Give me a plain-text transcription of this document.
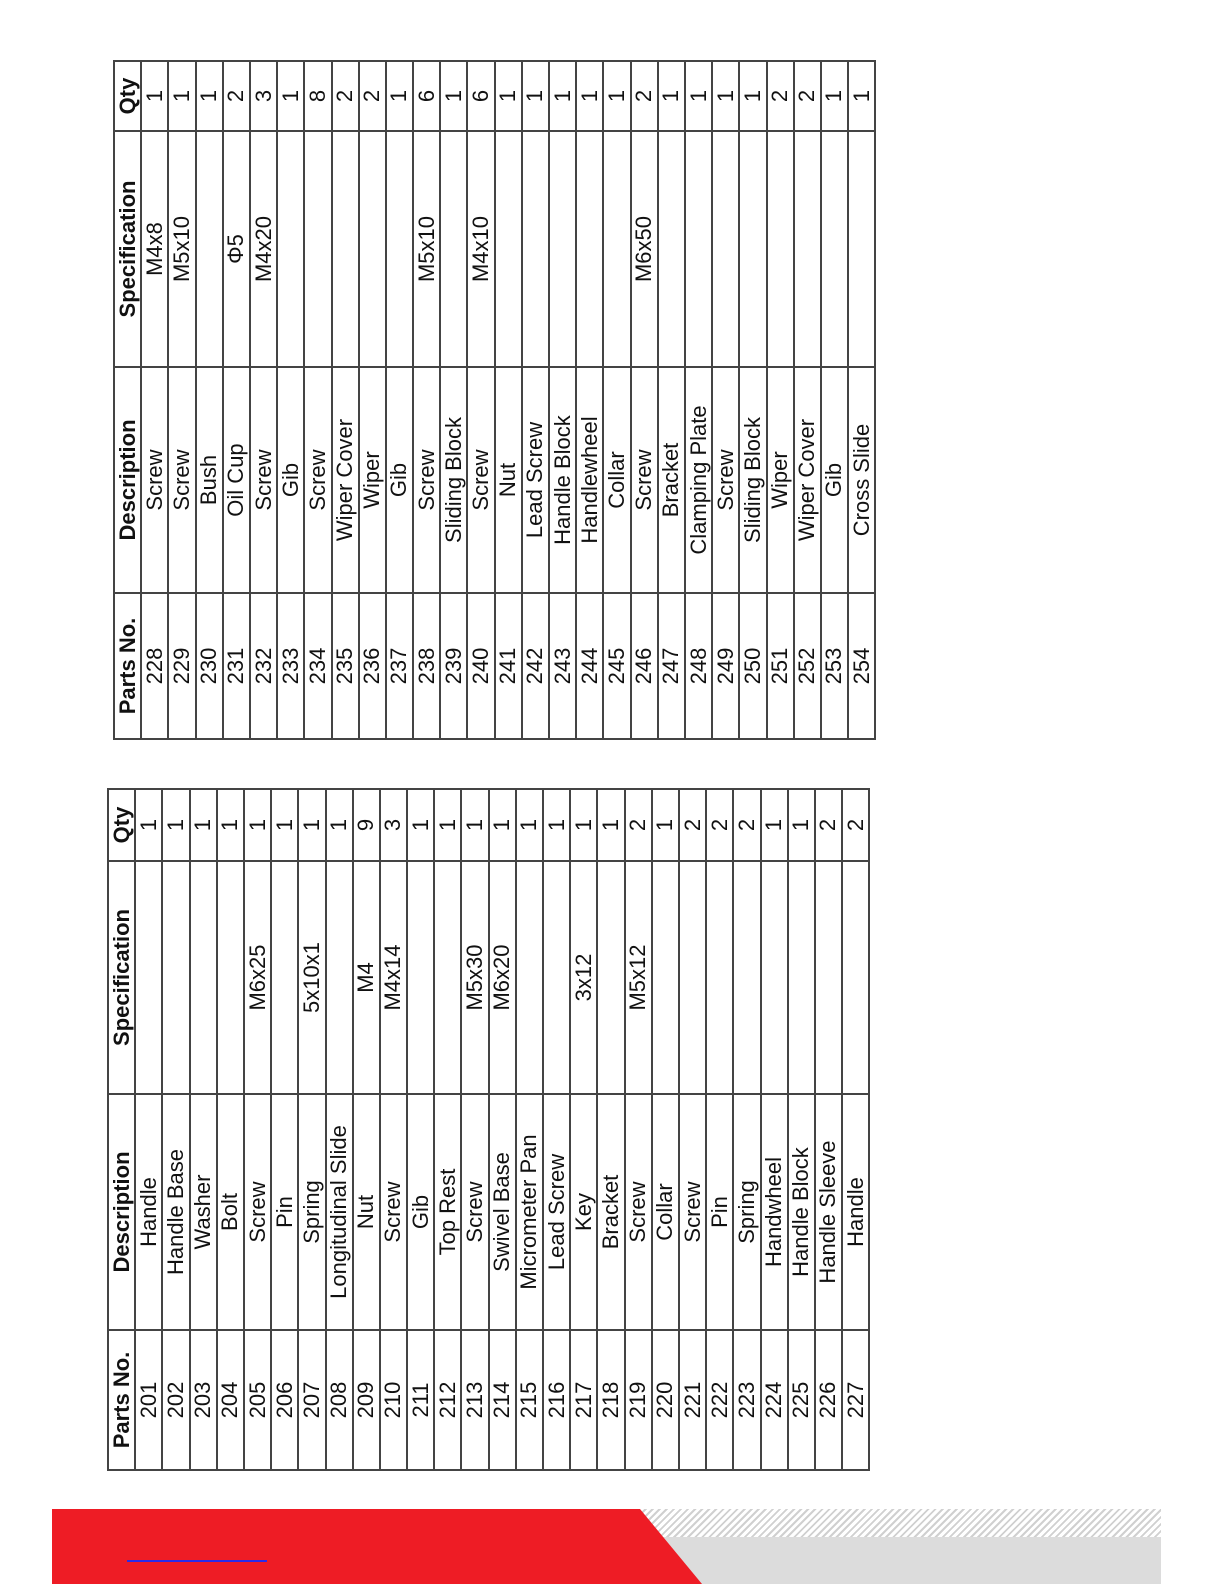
Parts No.	Description	Specification	Qty
201	Handle		1
202	Handle Base		1
203	Washer		1
204	Bolt		1
205	Screw	M6x25	1
206	Pin		1
207	Spring	5x10x1	1
208	Longitudinal Slide		1
209	Nut	M4	9
210	Screw	M4x14	3
211	Gib		1
212	Top Rest		1
213	Screw	M5x30	1
214	Swivel Base	M6x20	1
215	Micrometer Pan		1
216	Lead Screw		1
217	Key	3x12	1
218	Bracket		1
219	Screw	M5x12	2
220	Collar		1
221	Screw		2
222	Pin		2
223	Spring		2
224	Handwheel		1
225	Handle Block		1
226	Handle Sleeve		2
227	Handle		2
Parts No.	Description	Specification	Qty
228	Screw	M4x8	1
229	Screw	M5x10	1
230	Bush		1
231	Oil Cup	Φ5	2
232	Screw	M4x20	3
233	Gib		1
234	Screw		8
235	Wiper Cover		2
236	Wiper		2
237	Gib		1
238	Screw	M5x10	6
239	Sliding Block		1
240	Screw	M4x10	6
241	Nut		1
242	Lead Screw		1
243	Handle Block		1
244	Handlewheel		1
245	Collar		1
246	Screw	M6x50	2
247	Bracket		1
248	Clamping Plate		1
249	Screw		1
250	Sliding Block		1
251	Wiper		2
252	Wiper Cover		2
253	Gib		1
254	Cross Slide		1
